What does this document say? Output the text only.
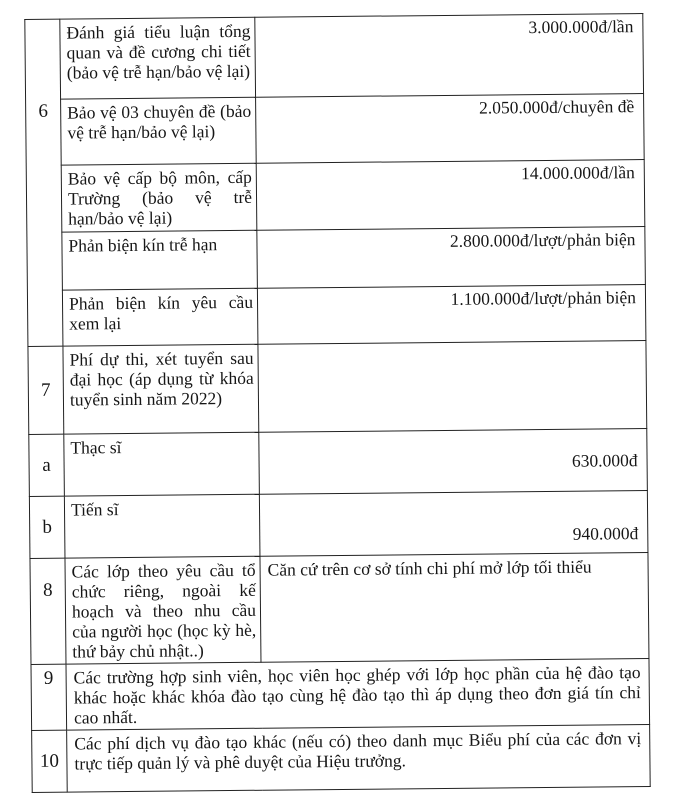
6	Đánh giá tiểu luận tổng quan và đề cương chi tiết (bảo vệ trễ hạn/bảo vệ lại)	3.000.000đ/lần
	Bảo vệ 03 chuyên đề (bảo vệ trễ hạn/bảo vệ lại)	2.050.000đ/chuyên đề
	Bảo vệ cấp bộ môn, cấp Trường (bảo vệ trễ hạn/bảo vệ lại)	14.000.000đ/lần
	Phản biện kín trễ hạn	2.800.000đ/lượt/phản biện
	Phản biện kín yêu cầu xem lại	1.100.000đ/lượt/phản biện
7	Phí dự thi, xét tuyển sau đại học (áp dụng từ khóa tuyển sinh năm 2022)	
a	Thạc sĩ	630.000đ
b	Tiến sĩ	940.000đ
8	Các lớp theo yêu cầu tổ chức riêng, ngoài kế hoạch và theo nhu cầu của người học (học kỳ hè, thứ bảy chủ nhật..)	Căn cứ trên cơ sở tính chi phí mở lớp tối thiểu
9	Các trường hợp sinh viên, học viên học ghép với lớp học phần của hệ đào tạo khác hoặc khác khóa đào tạo cùng hệ đào tạo thì áp dụng theo đơn giá tín chỉ cao nhất.	
10	Các phí dịch vụ đào tạo khác (nếu có) theo danh mục Biểu phí của các đơn vị trực tiếp quản lý và phê duyệt của Hiệu trưởng.	
